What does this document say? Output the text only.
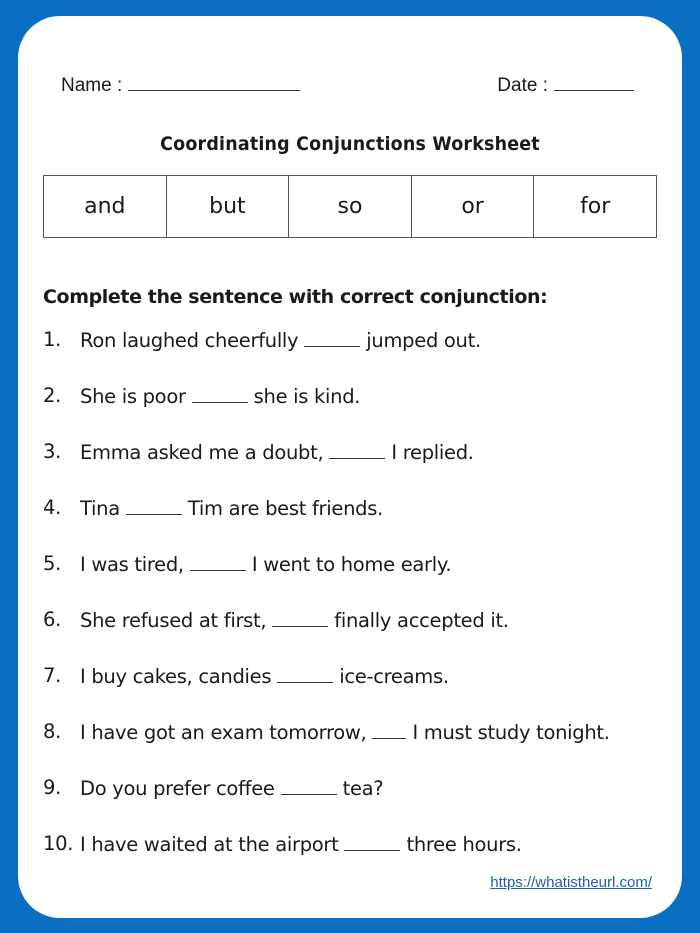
Name :	Date :
Coordinating Conjunctions Worksheet
and	but	so	or	for
Complete the sentence with correct conjunction:
1. Ron laughed cheerfully	jumped out.
2. She is poor	she is kind.
3. Emma asked me a doubt,	I replied.
4. Tina	Tim are best friends.
5. I was tired,	I went to home early.
6. She refused at first,	finally accepted it.
7. I buy cakes, candies	ice-creams.
8. I have got an exam tomorrow, I must study tonight.
9. Do you prefer coffee	tea?
10. I have waited at the airport	three hours.
https://whatistheurl.com/
